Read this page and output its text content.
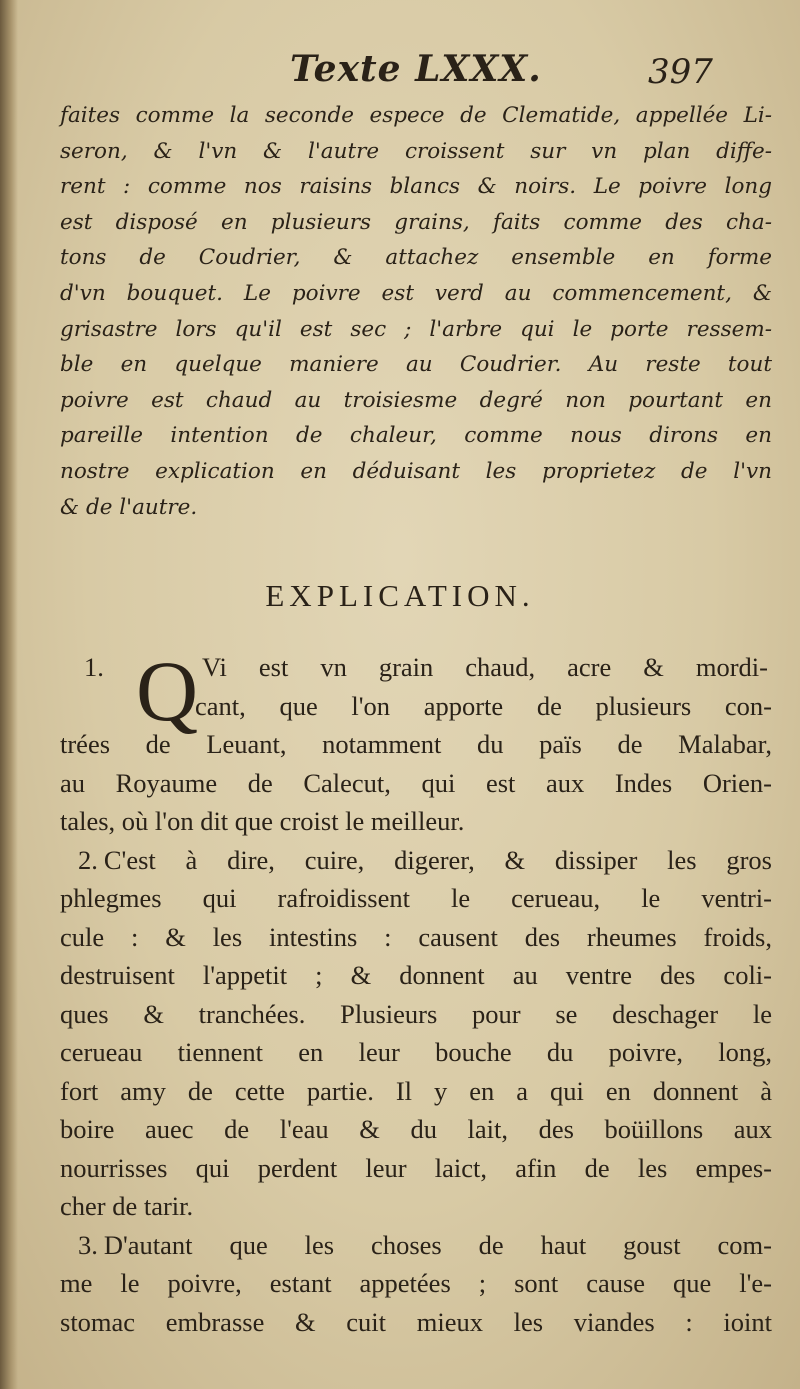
Texte LXXX.	397
faites comme la seconde espece de Clematide, appellée Li-
seron, & l'vn & l'autre croissent sur vn plan diffe-
rent : comme nos raisins blancs & noirs. Le poivre long
est disposé en plusieurs grains, faits comme des cha-
tons de Coudrier, & attachez ensemble en forme
d'vn bouquet. Le poivre est verd au commencement, &
grisastre lors qu'il est sec ; l'arbre qui le porte ressem-
ble en quelque maniere au Coudrier. Au reste tout
poivre est chaud au troisiesme degré non pourtant en
pareille intention de chaleur, comme nous dirons en
nostre explication en déduisant les proprietez de l'vn
& de l'autre.
EXPLICATION.
Q
1.	Vi est vn grain chaud, acre & mordi-
cant, que l'on apporte de plusieurs con-
trées de Leuant, notamment du païs de Malabar,
au Royaume de Calecut, qui est aux Indes Orien-
tales, où l'on dit que croist le meilleur.
2. C'est à dire, cuire, digerer, & dissiper les gros
phlegmes qui rafroidissent le cerueau, le ventri-
cule : & les intestins : causent des rheumes froids,
destruisent l'appetit ; & donnent au ventre des coli-
ques & tranchées. Plusieurs pour se deschager le
cerueau tiennent en leur bouche du poivre, long,
fort amy de cette partie. Il y en a qui en donnent à
boire auec de l'eau & du lait, des boüillons aux
nourrisses qui perdent leur laict, afin de les empes-
cher de tarir.
3. D'autant que les choses de haut goust com-
me le poivre, estant appetées ; sont cause que l'e-
stomac embrasse & cuit mieux les viandes : ioint
